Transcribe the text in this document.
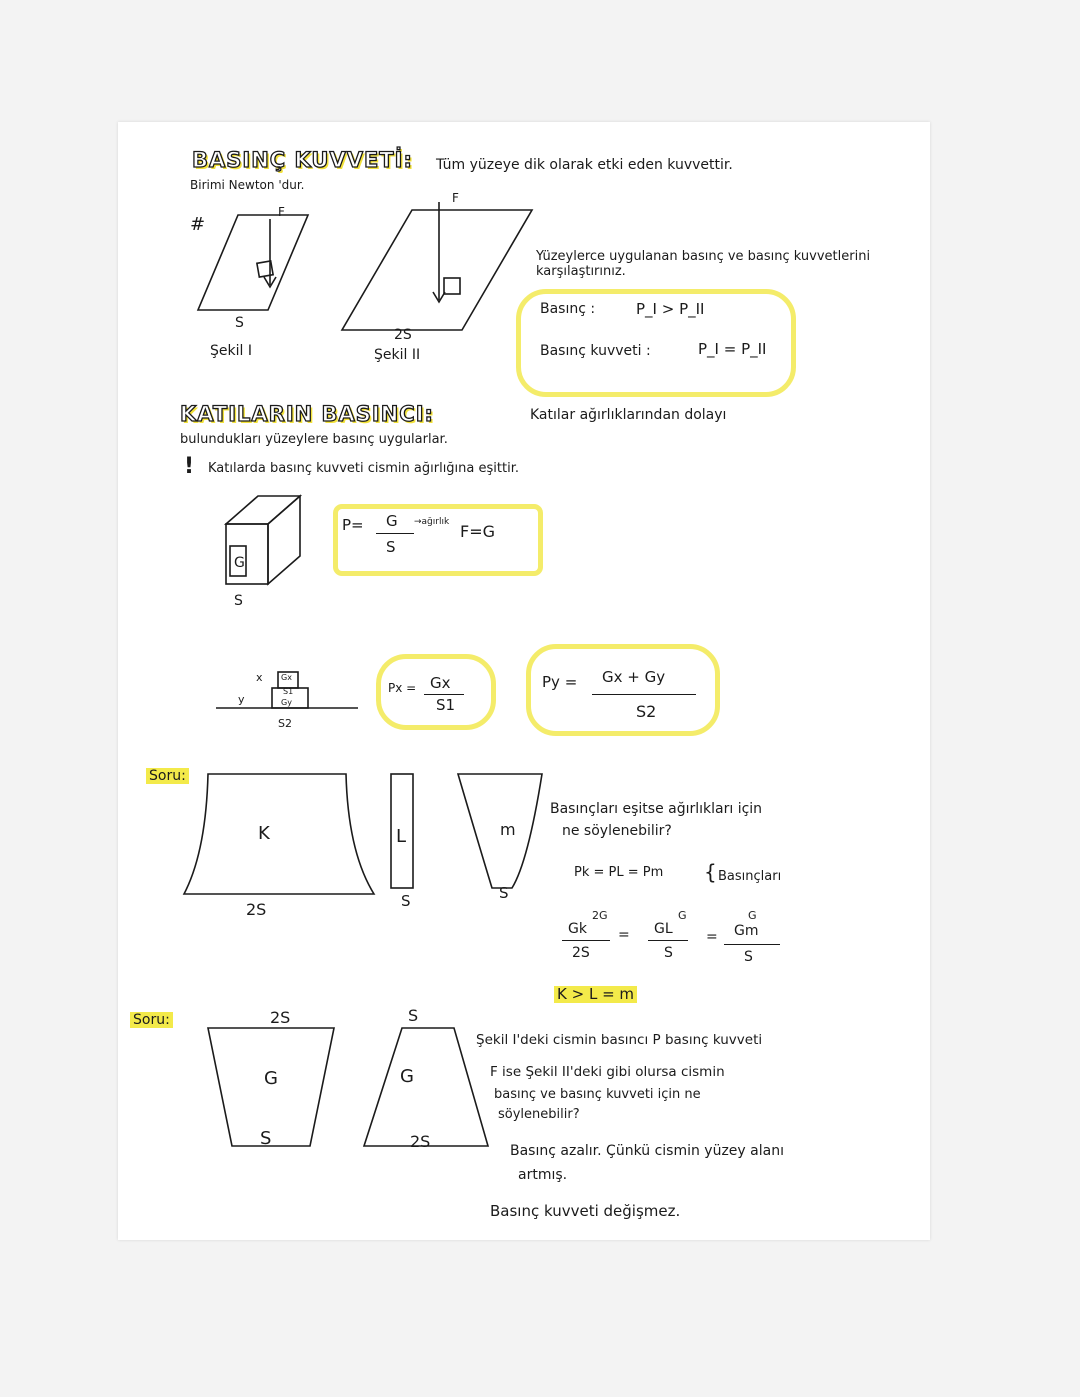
BASINÇ KUVVETİ: Tüm yüzeye dik olarak etki eden kuvvettir.
Birimi Newton 'dur.
#
F
S
Şekil I
F
2S
Şekil II
Yüzeylerce uygulanan basınç ve basınç kuvvetlerini karşılaştırınız.
Basınç :	P_I > P_II
Basınç kuvveti :	P_I = P_II
KATILARIN BASINCI:	Katılar ağırlıklarından dolayı
bulundukları yüzeylere basınç uygularlar.
! Katılarda basınç kuvveti cismin ağırlığına eşittir.
G
S
P= G
S
→ağırlık F=G
x
y
Gx
S1
Gy
S2
Px = Gx
S1
Py = Gx + Gy
S2
Soru:
K
2S
L
S
m
S
Basınçları eşitse ağırlıkları için
ne söylenebilir?
Pk = PL = Pm { Basınçları
Gk
2G
2S
= GL
G
S
= Gm
G
S
K > L = m
Soru:	2S
G
S
S
G
2S
Şekil I'deki cismin basıncı P basınç kuvveti
F ise Şekil II'deki gibi olursa cismin
basınç ve basınç kuvveti için ne
söylenebilir?
Basınç azalır. Çünkü cismin yüzey alanı
artmış.
Basınç kuvveti değişmez.
